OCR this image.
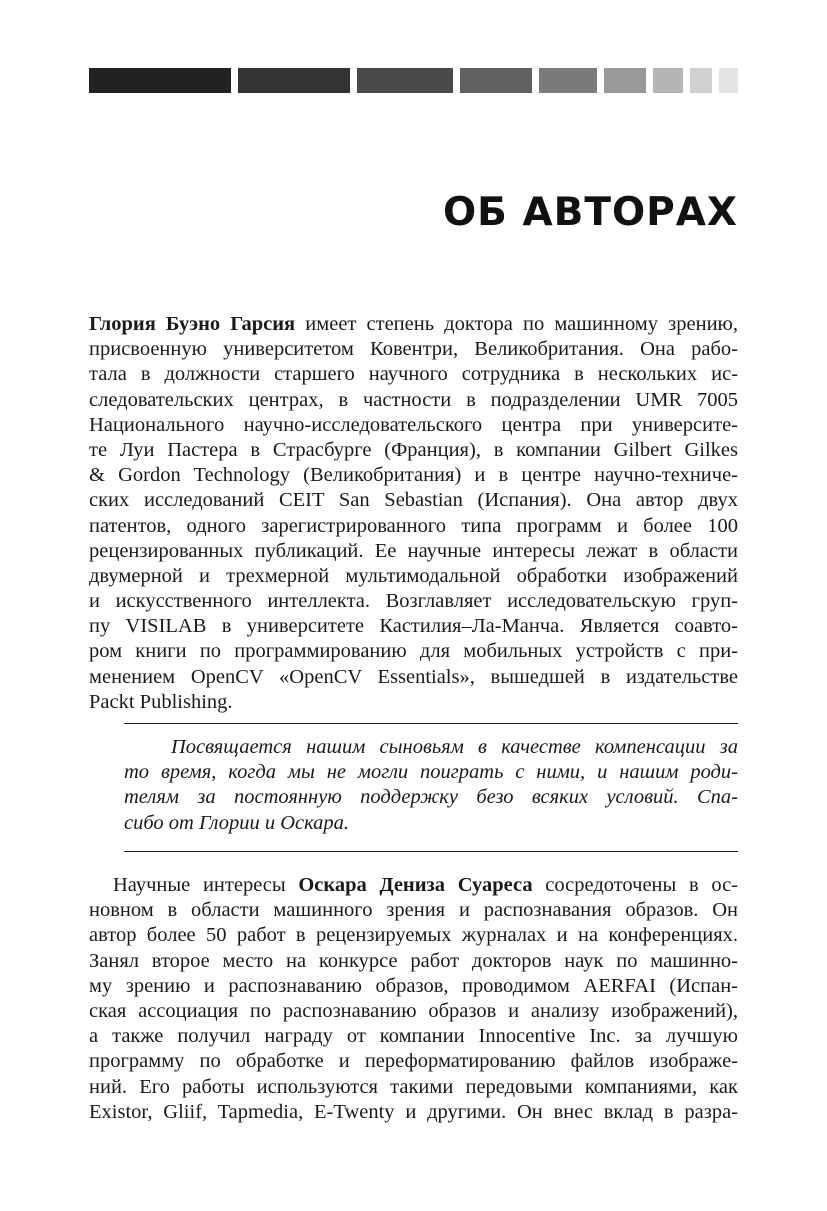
ОБ АВТОРАХ
Глория Буэно Гарсия имеет степень доктора по машинному зрению,
присвоенную университетом Ковентри, Великобритания. Она рабо-
тала в должности старшего научного сотрудника в нескольких ис-
следовательских центрах, в частности в подразделении UMR 7005
Национального научно-исследовательского центра при университе-
те Луи Пастера в Страсбурге (Франция), в компании Gilbert Gilkes
& Gordon Technology (Великобритания) и в центре научно-техниче-
ских исследований CEIT San Sebastian (Испания). Она автор двух
патентов, одного зарегистрированного типа программ и более 100
рецензированных публикаций. Ее научные интересы лежат в области
двумерной и трехмерной мультимодальной обработки изображений
и искусственного интеллекта. Возглавляет исследовательскую груп-
пу VISILAB в университете Кастилия–Ла-Манча. Является соавто-
ром книги по программированию для мобильных устройств с при-
менением OpenCV «OpenCV Essentials», вышедшей в издательстве
Packt Publishing.
Посвящается нашим сыновьям в качестве компенсации за
то время, когда мы не могли поиграть с ними, и нашим роди-
телям за постоянную поддержку безо всяких условий. Спа-
сибо от Глории и Оскара.
Научные интересы Оскара Дениза Суареса сосредоточены в ос-
новном в области машинного зрения и распознавания образов. Он
автор более 50 работ в рецензируемых журналах и на конференциях.
Занял второе место на конкурсе работ докторов наук по машинно-
му зрению и распознаванию образов, проводимом AERFAI (Испан-
ская ассоциация по распознаванию образов и анализу изображений),
а также получил награду от компании Innocentive Inc. за лучшую
программу по обработке и переформатированию файлов изображе-
ний. Его работы используются такими передовыми компаниями, как
Existor, Gliif, Tapmedia, E-Twenty и другими. Он внес вклад в разра-
